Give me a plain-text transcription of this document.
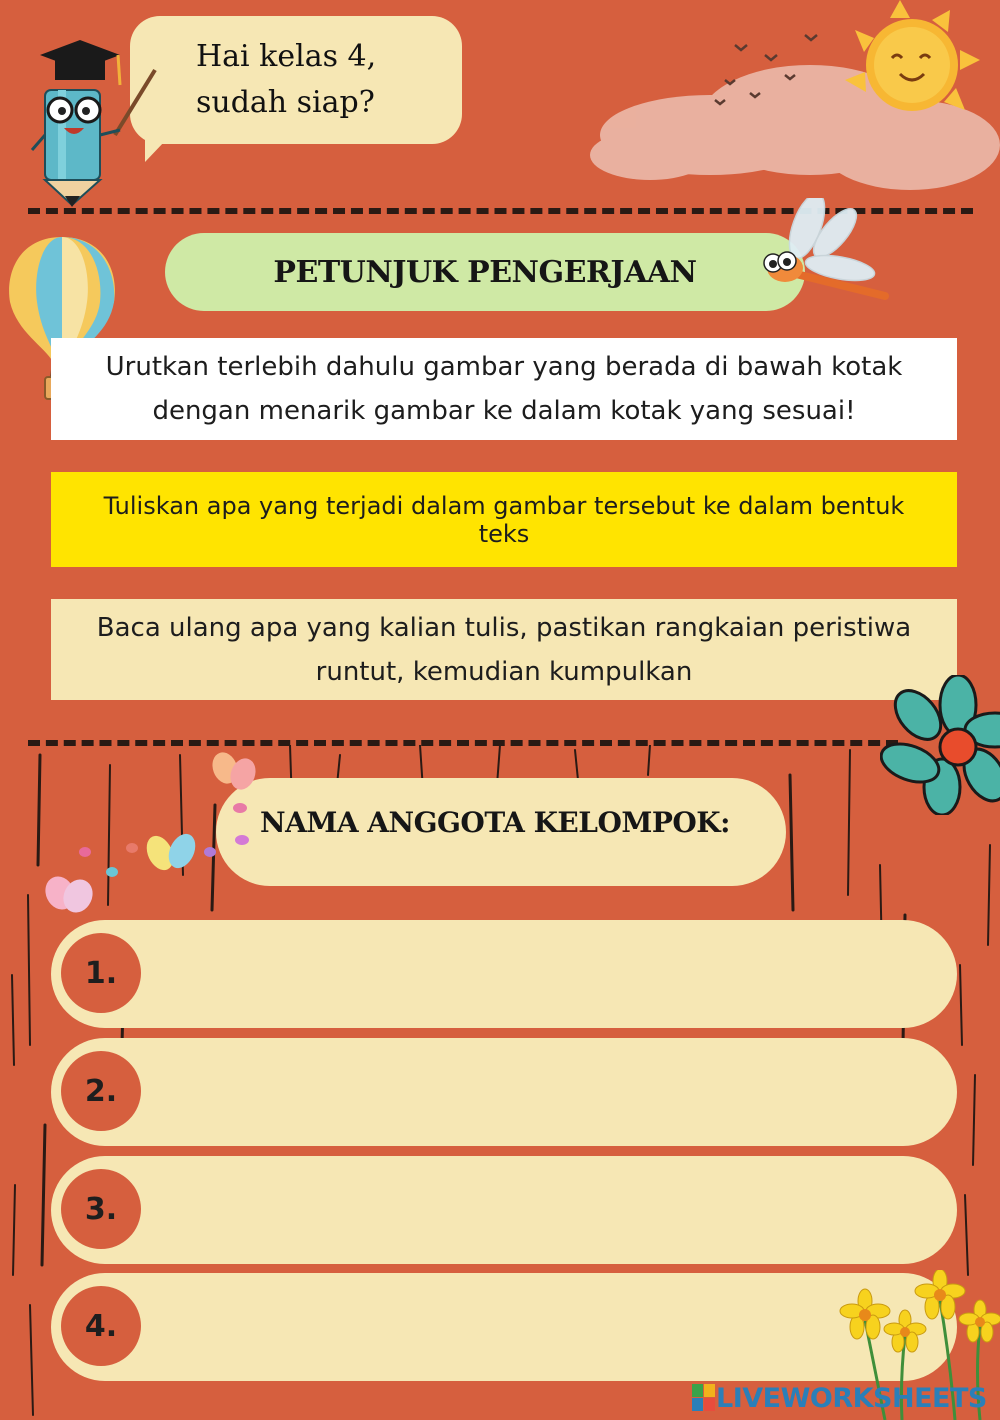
Hai kelas 4,
sudah siap?
PETUNJUK PENGERJAAN
Urutkan terlebih dahulu gambar yang berada di bawah kotak
dengan menarik gambar ke dalam kotak yang sesuai!
Tuliskan apa yang terjadi dalam gambar tersebut ke dalam bentuk teks
Baca ulang apa yang kalian tulis, pastikan rangkaian peristiwa
runtut, kemudian kumpulkan
NAMA ANGGOTA KELOMPOK:
1.
2.
3.
4.
LIVEWORKSHEETS
